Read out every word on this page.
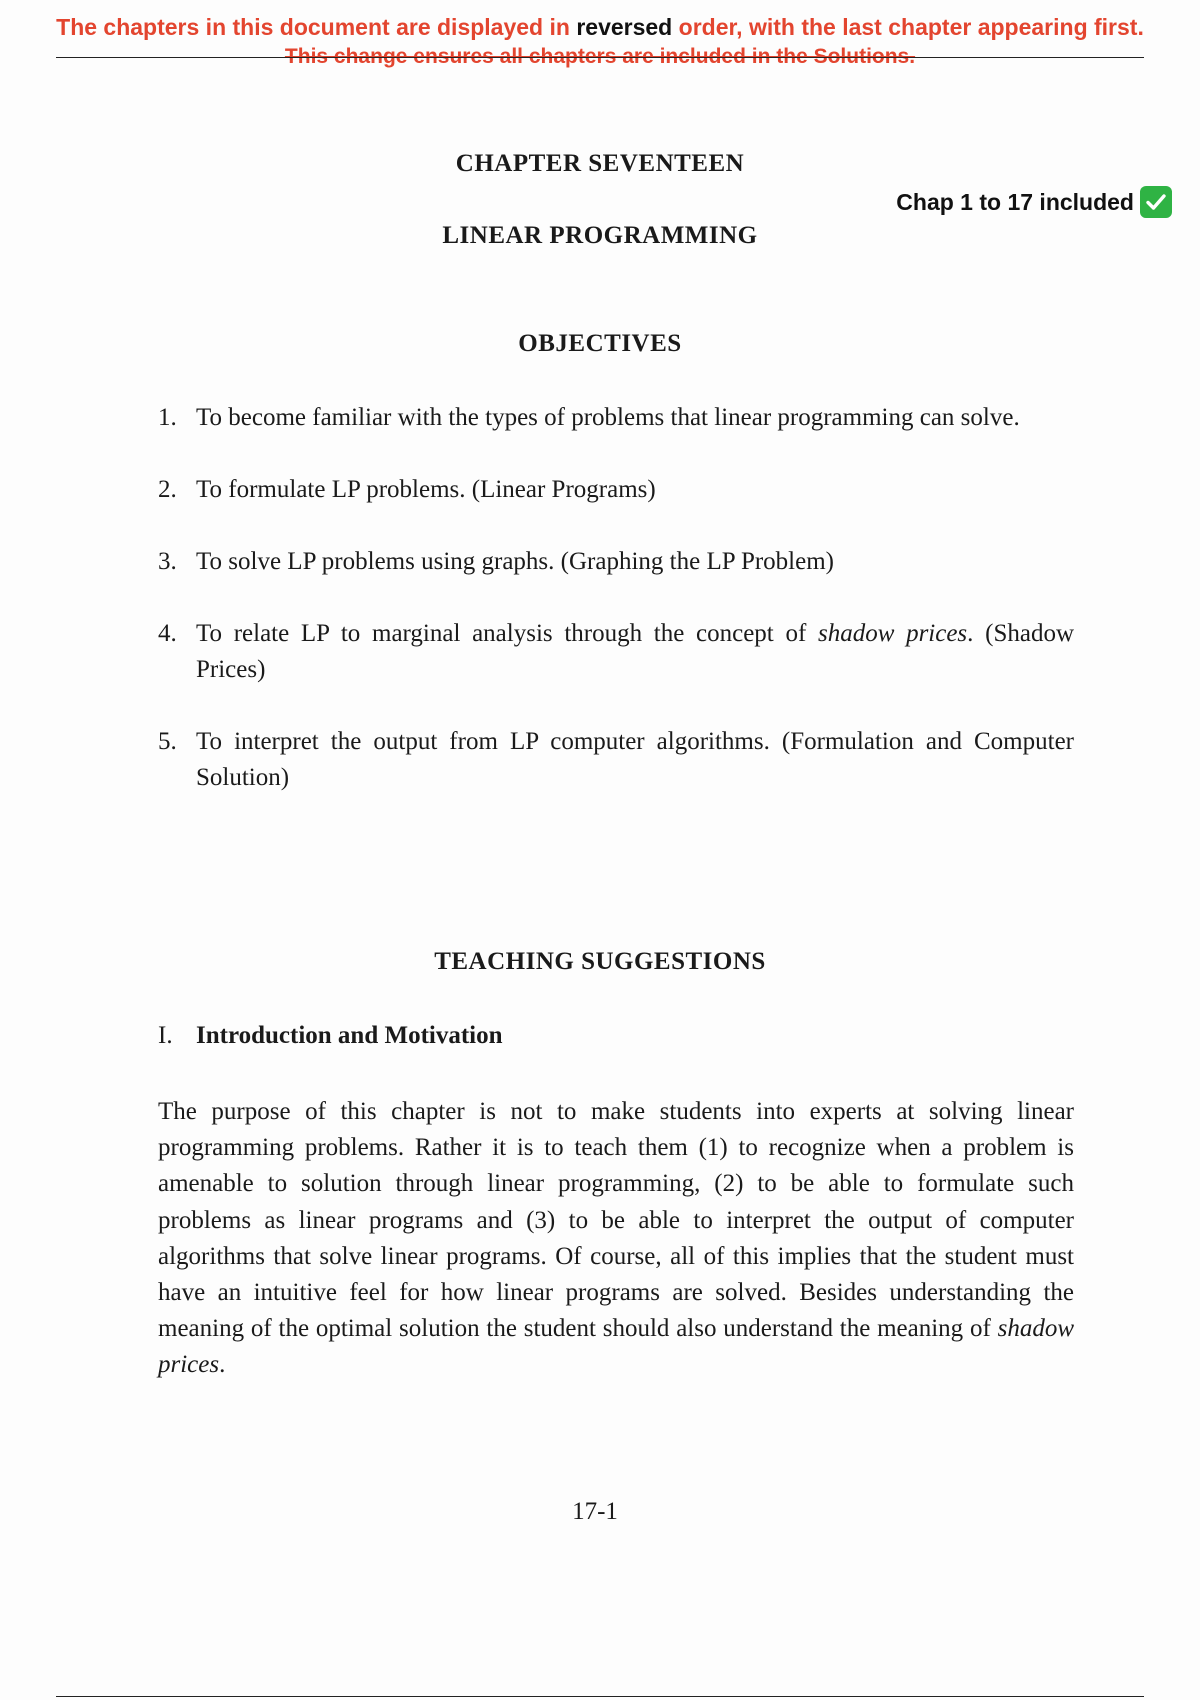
The chapters in this document are displayed in reversed order, with the last chapter appearing first.
This change ensures all chapters are included in the Solutions.
CHAPTER SEVENTEEN
Chap 1 to 17 included
LINEAR PROGRAMMING
OBJECTIVES
1. To become familiar with the types of problems that linear programming can solve.
2. To formulate LP problems. (Linear Programs)
3. To solve LP problems using graphs. (Graphing the LP Problem)
4. To relate LP to marginal analysis through the concept of shadow prices. (Shadow Prices)
5. To interpret the output from LP computer algorithms. (Formulation and Computer Solution)
TEACHING SUGGESTIONS
I. Introduction and Motivation

The purpose of this chapter is not to make students into experts at solving linear programming problems. Rather it is to teach them (1) to recognize when a problem is amenable to solution through linear programming, (2) to be able to formulate such problems as linear programs and (3) to be able to interpret the output of computer algorithms that solve linear programs. Of course, all of this implies that the student must have an intuitive feel for how linear programs are solved. Besides understanding the meaning of the optimal solution the student should also understand the meaning of shadow prices.

17-1
